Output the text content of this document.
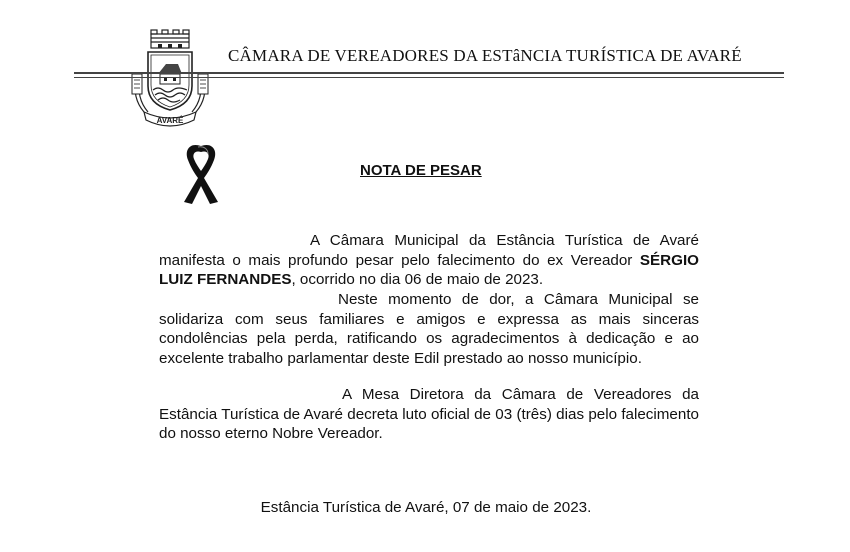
AVARÉ
CÂMARA DE VEREADORES DA ESTâNCIA TURÍSTICA DE AVARÉ
NOTA DE PESAR

A Câmara Municipal da Estância Turística de Avaré manifesta o mais profundo pesar pelo falecimento do ex Vereador SÉRGIO LUIZ FERNANDES, ocorrido no dia 06 de maio de 2023.

Neste momento de dor, a Câmara Municipal se solidariza com seus familiares e amigos e expressa as mais sinceras condolências pela perda, ratificando os agradecimentos à dedicação e ao excelente trabalho parlamentar deste Edil prestado ao nosso município.

A Mesa Diretora da Câmara de Vereadores da Estância Turística de Avaré decreta luto oficial de 03 (três) dias pelo falecimento do nosso eterno Nobre Vereador.

Estância Turística de Avaré, 07 de maio de 2023.
